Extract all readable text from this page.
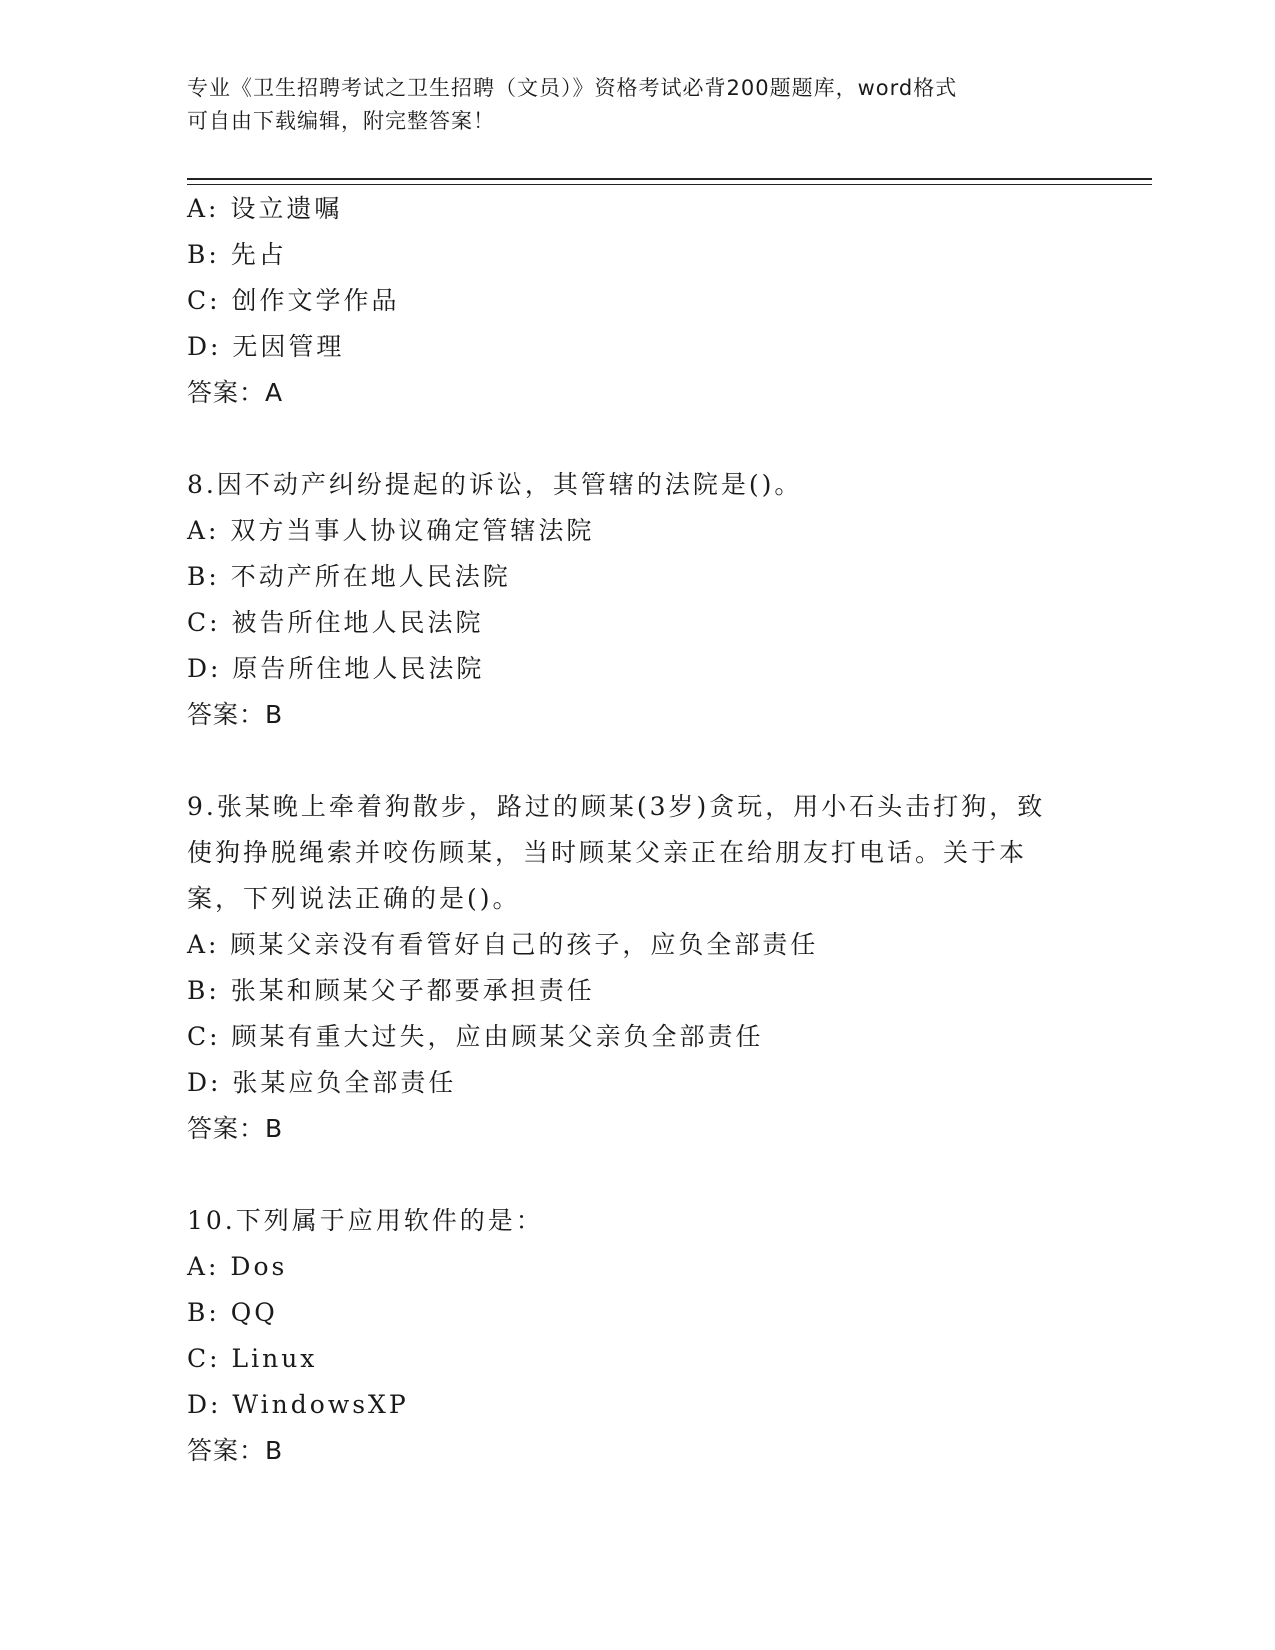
专业《卫生招聘考试之卫生招聘（文员）》资格考试必背200题题库，word格式
可自由下载编辑，附完整答案！
A: 设立遗嘱
B: 先占
C: 创作文学作品
D: 无因管理
答案：A
8.因不动产纠纷提起的诉讼，其管辖的法院是()。
A: 双方当事人协议确定管辖法院
B: 不动产所在地人民法院
C: 被告所住地人民法院
D: 原告所住地人民法院
答案：B
9.张某晚上牵着狗散步，路过的顾某(3岁)贪玩，用小石头击打狗，致
使狗挣脱绳索并咬伤顾某，当时顾某父亲正在给朋友打电话。关于本
案，下列说法正确的是()。
A: 顾某父亲没有看管好自己的孩子，应负全部责任
B: 张某和顾某父子都要承担责任
C: 顾某有重大过失，应由顾某父亲负全部责任
D: 张某应负全部责任
答案：B
10.下列属于应用软件的是：
A: Dos
B: QQ
C: Linux
D: WindowsXP
答案：B
